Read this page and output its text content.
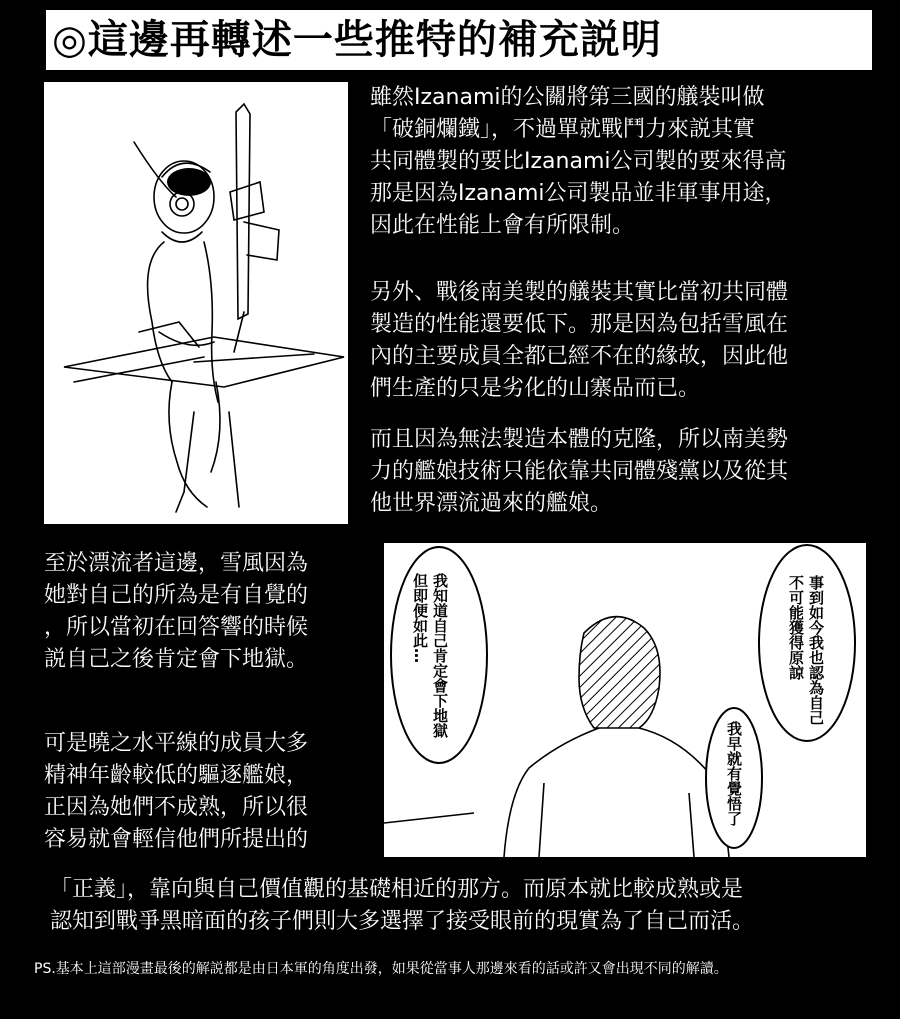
◎這邊再轉述一些推特的補充説明
雖然Izanami的公關將第三國的艤裝叫做
「破銅爛鐵」，不過單就戰鬥力來説其實
共同體製的要比Izanami公司製的要來得高
那是因為Izanami公司製品並非軍事用途，
因此在性能上會有所限制。
另外、戰後南美製的艤裝其實比當初共同體
製造的性能還要低下。那是因為包括雪風在
內的主要成員全都已經不在的緣故，因此他
們生產的只是劣化的山寨品而已。
而且因為無法製造本體的克隆，所以南美勢
力的艦娘技術只能依靠共同體殘黨以及從其
他世界漂流過來的艦娘。
至於漂流者這邊，雪風因為
她對自己的所為是有自覺的
，所以當初在回答響的時候
説自己之後肯定會下地獄。
可是曉之水平線的成員大多
精神年齡較低的驅逐艦娘，
正因為她們不成熟，所以很
容易就會輕信他們所提出的
我知道自己肯定會下地獄
但即便如此…	事到如今我也認為自己
不可能獲得原諒
我早就有覺悟了
「正義」，靠向與自己價值觀的基礎相近的那方。而原本就比較成熟或是
認知到戰爭黑暗面的孩子們則大多選擇了接受眼前的現實為了自己而活。
PS.基本上這部漫畫最後的解説都是由日本軍的角度出發，如果從當事人那邊來看的話或許又會出現不同的解讀。
